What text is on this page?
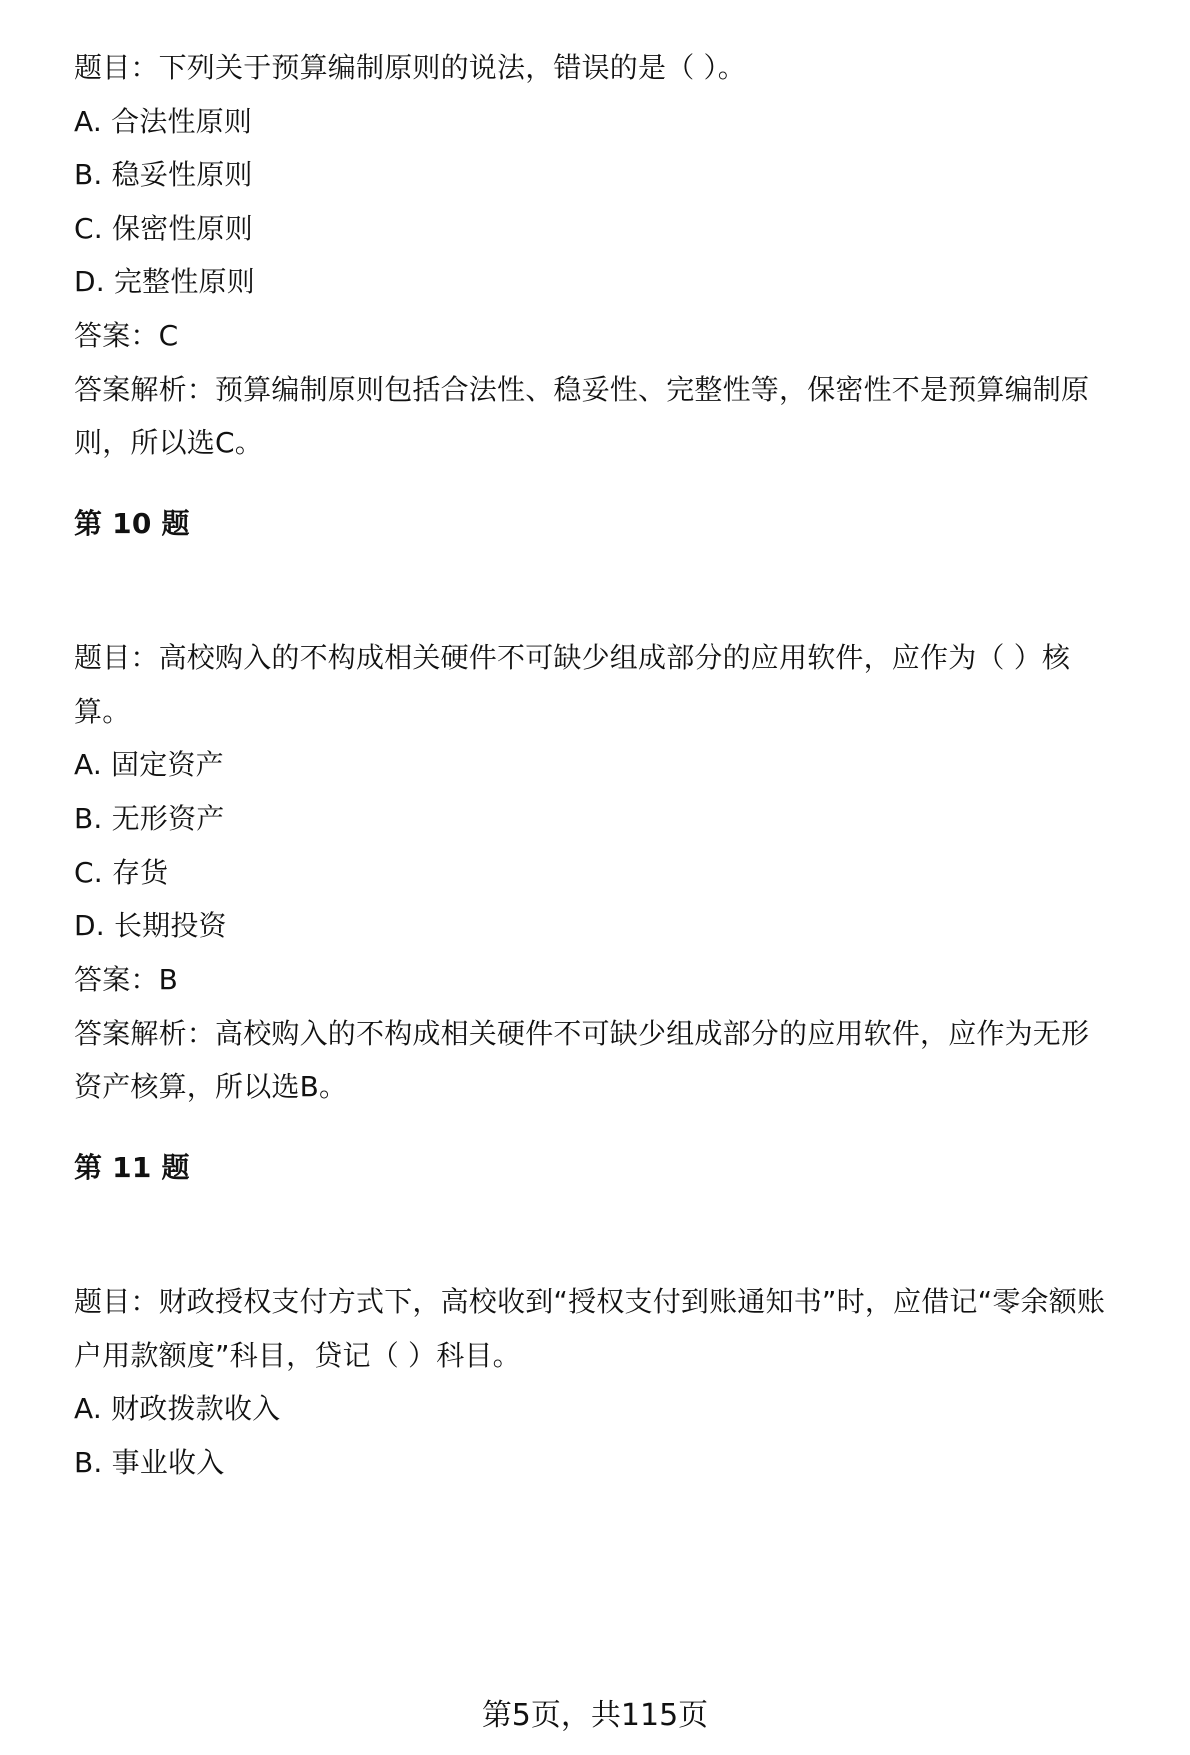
题目：下列关于预算编制原则的说法，错误的是（ ）。
A. 合法性原则
B. 稳妥性原则
C. 保密性原则
D. 完整性原则
答案：C
答案解析：预算编制原则包括合法性、稳妥性、完整性等，保密性不是预算编制原
则，所以选C。
第 10 题
题目：高校购入的不构成相关硬件不可缺少组成部分的应用软件，应作为（ ）核
算。
A. 固定资产
B. 无形资产
C. 存货
D. 长期投资
答案：B
答案解析：高校购入的不构成相关硬件不可缺少组成部分的应用软件，应作为无形
资产核算，所以选B。
第 11 题
题目：财政授权支付方式下，高校收到“授权支付到账通知书”时，应借记“零余额账
户用款额度”科目，贷记（ ）科目。
A. 财政拨款收入
B. 事业收入
第5页，共115页
